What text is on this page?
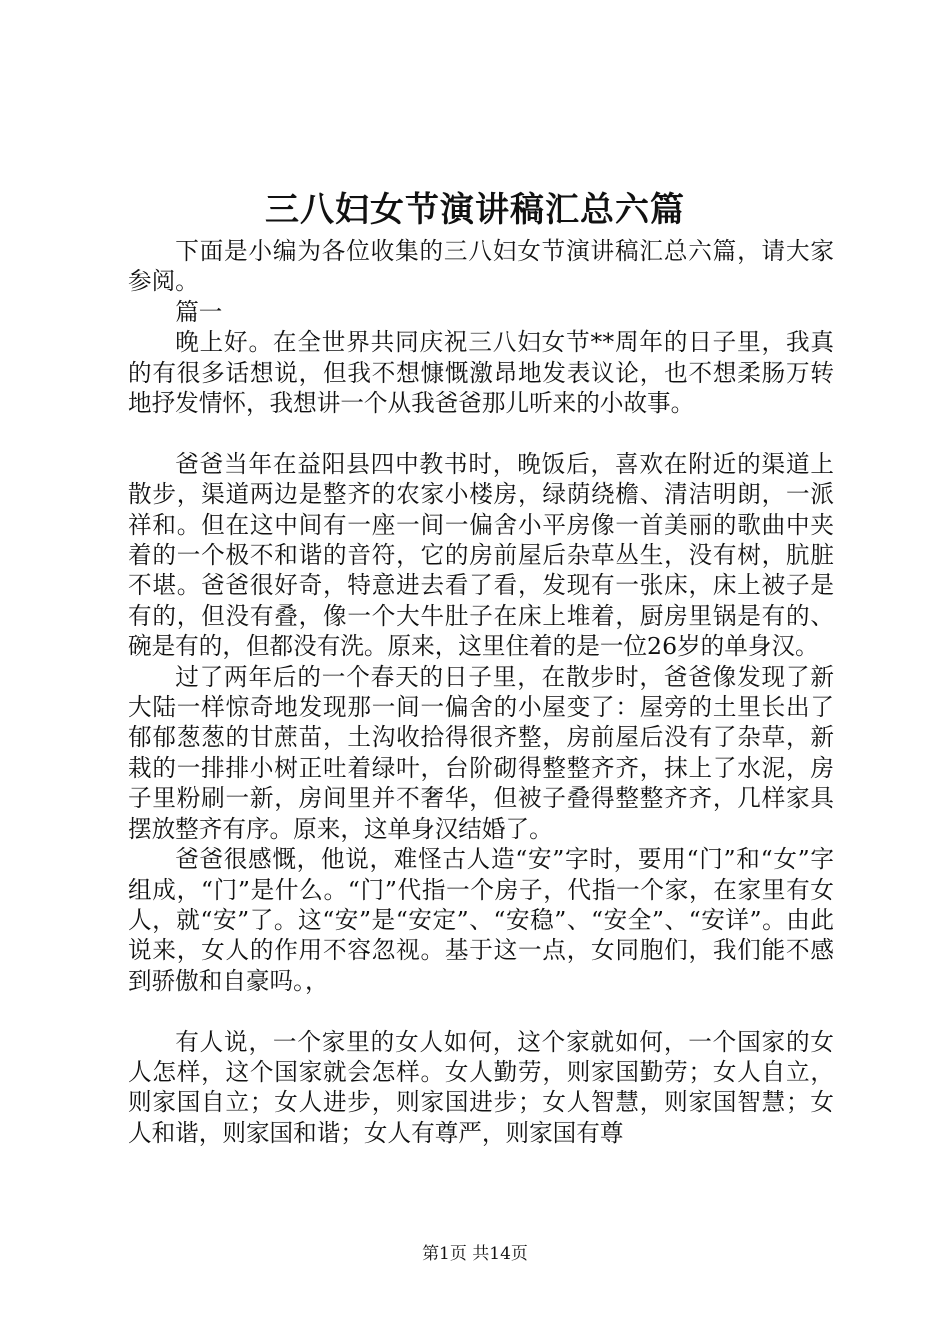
三八妇女节演讲稿汇总六篇

下面是小编为各位收集的三八妇女节演讲稿汇总六篇，请大家参阅。

篇一

晚上好。在全世界共同庆祝三八妇女节**周年的日子里，我真的有很多话想说，但我不想慷慨激昂地发表议论，也不想柔肠万转地抒发情怀，我想讲一个从我爸爸那儿听来的小故事。

爸爸当年在益阳县四中教书时，晚饭后，喜欢在附近的渠道上散步，渠道两边是整齐的农家小楼房，绿荫绕檐、清洁明朗，一派祥和。但在这中间有一座一间一偏舍小平房像一首美丽的歌曲中夹着的一个极不和谐的音符，它的房前屋后杂草丛生，没有树，肮脏不堪。爸爸很好奇，特意进去看了看，发现有一张床，床上被子是有的，但没有叠，像一个大牛肚子在床上堆着，厨房里锅是有的、碗是有的，但都没有洗。原来，这里住着的是一位26岁的单身汉。

过了两年后的一个春天的日子里，在散步时，爸爸像发现了新大陆一样惊奇地发现那一间一偏舍的小屋变了：屋旁的土里长出了郁郁葱葱的甘蔗苗，土沟收拾得很齐整，房前屋后没有了杂草，新栽的一排排小树正吐着绿叶，台阶砌得整整齐齐，抹上了水泥，房子里粉刷一新，房间里并不奢华，但被子叠得整整齐齐，几样家具摆放整齐有序。原来，这单身汉结婚了。

爸爸很感慨，他说，难怪古人造“安”字时，要用“门”和“女”字组成，“门”是什么。“门”代指一个房子，代指一个家，在家里有女人，就“安”了。这“安”是“安定”、“安稳”、“安全”、“安详”。由此说来，女人的作用不容忽视。基于这一点，女同胞们，我们能不感到骄傲和自豪吗。，

有人说，一个家里的女人如何，这个家就如何，一个国家的女人怎样，这个国家就会怎样。女人勤劳，则家国勤劳；女人自立，则家国自立；女人进步，则家国进步；女人智慧，则家国智慧；女人和谐，则家国和谐；女人有尊严，则家国有尊

第1页 共14页
